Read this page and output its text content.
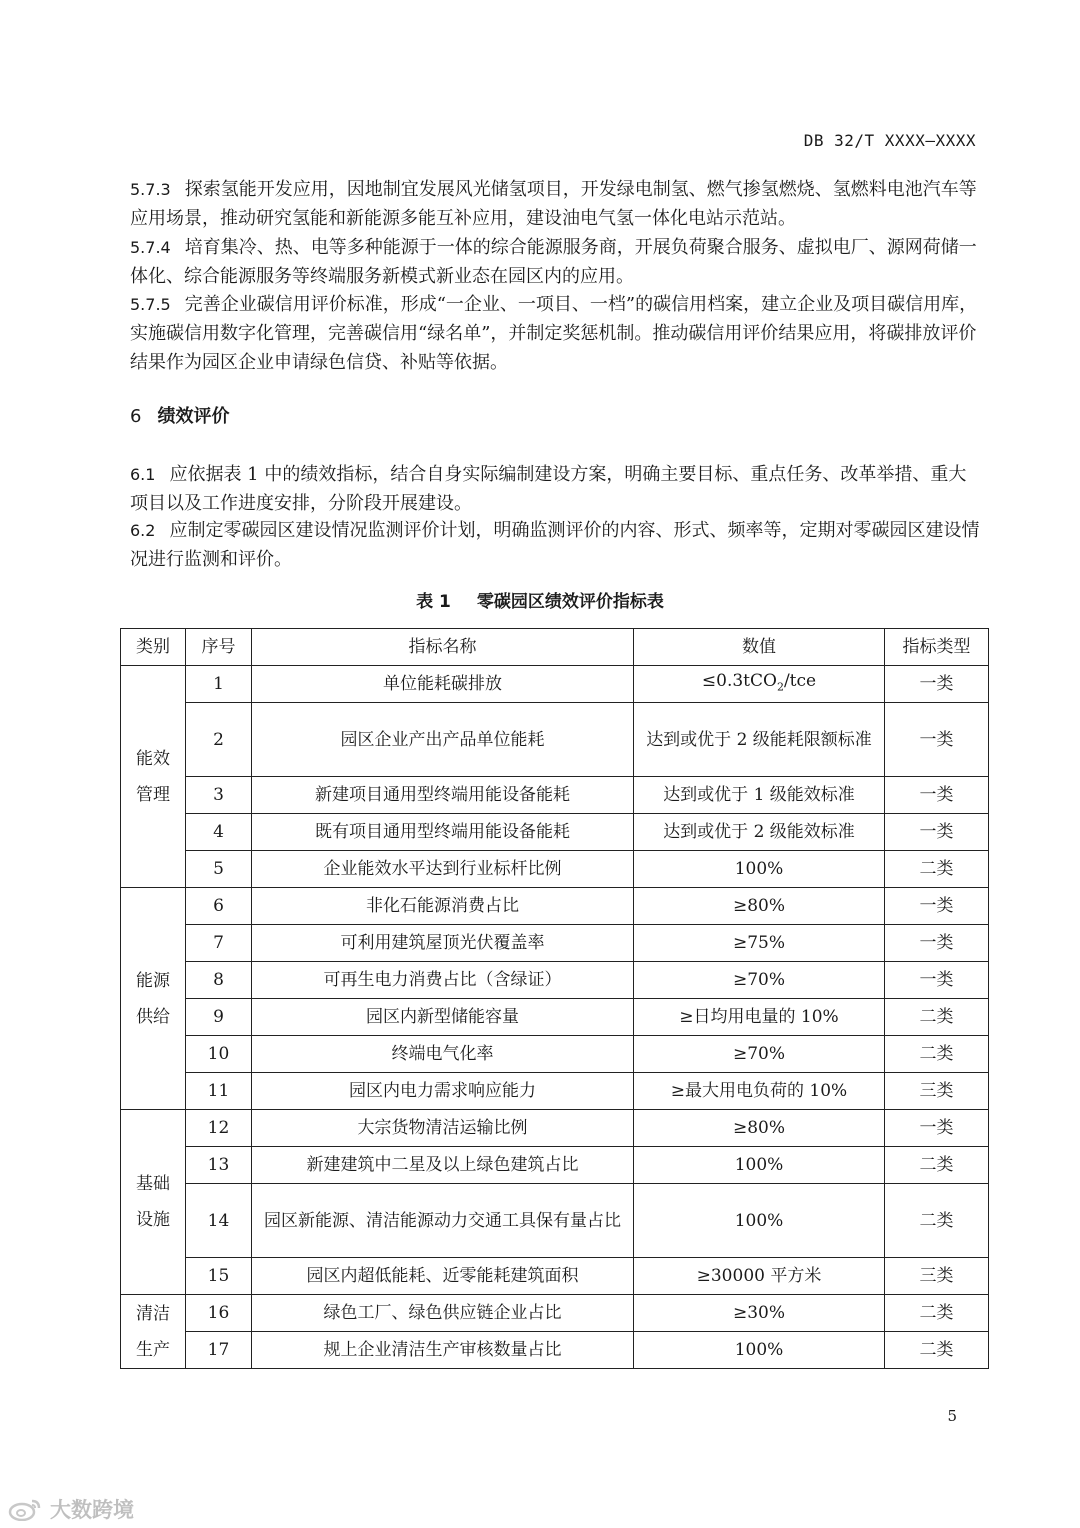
DB 32/T XXXX—XXXX
5.7.3 探索氢能开发应用，因地制宜发展风光储氢项目，开发绿电制氢、燃气掺氢燃烧、氢燃料电池汽车等应用场景，推动研究氢能和新能源多能互补应用，建设油电气氢一体化电站示范站。
5.7.4 培育集冷、热、电等多种能源于一体的综合能源服务商，开展负荷聚合服务、虚拟电厂、源网荷储一体化、综合能源服务等终端服务新模式新业态在园区内的应用。
5.7.5 完善企业碳信用评价标准，形成“一企业、一项目、一档”的碳信用档案，建立企业及项目碳信用库，实施碳信用数字化管理，完善碳信用“绿名单”，并制定奖惩机制。推动碳信用评价结果应用，将碳排放评价结果作为园区企业申请绿色信贷、补贴等依据。
6 绩效评价
6.1 应依据表 1 中的绩效指标，结合自身实际编制建设方案，明确主要目标、重点任务、改革举措、重大项目以及工作进度安排，分阶段开展建设。
6.2 应制定零碳园区建设情况监测评价计划，明确监测评价的内容、形式、频率等，定期对零碳园区建设情况进行监测和评价。
表 1 零碳园区绩效评价指标表
类别	序号	指标名称	数值	指标类型
能效
管理	1	单位能耗碳排放	≤0.3tCO$_2$/tce	一类
	2	园区企业产出产品单位能耗	达到或优于 2 级能耗限额标准	一类
	3	新建项目通用型终端用能设备能耗	达到或优于 1 级能效标准	一类
	4	既有项目通用型终端用能设备能耗	达到或优于 2 级能效标准	一类
	5	企业能效水平达到行业标杆比例	100%	二类

能源
供给	6	非化石能源消费占比	≥80%	一类
	7	可利用建筑屋顶光伏覆盖率	≥75%	一类
	8	可再生电力消费占比（含绿证）	≥70%	一类
	9	园区内新型储能容量	≥日均用电量的 10%	二类
	10	终端电气化率	≥70%	二类
	11	园区内电力需求响应能力	≥最大用电负荷的 10%	三类
基础
设施	12	大宗货物清洁运输比例	≥80%	一类
	13	新建建筑中二星及以上绿色建筑占比	100%	二类
	14	园区新能源、清洁能源动力交通工具保有量占比	100%	二类
	15	园区内超低能耗、近零能耗建筑面积	≥30000 平方米	三类
清洁
生产	16	绿色工厂、绿色供应链企业占比	≥30%	二类
	17	规上企业清洁生产审核数量占比	100%	二类
5
大数跨境
